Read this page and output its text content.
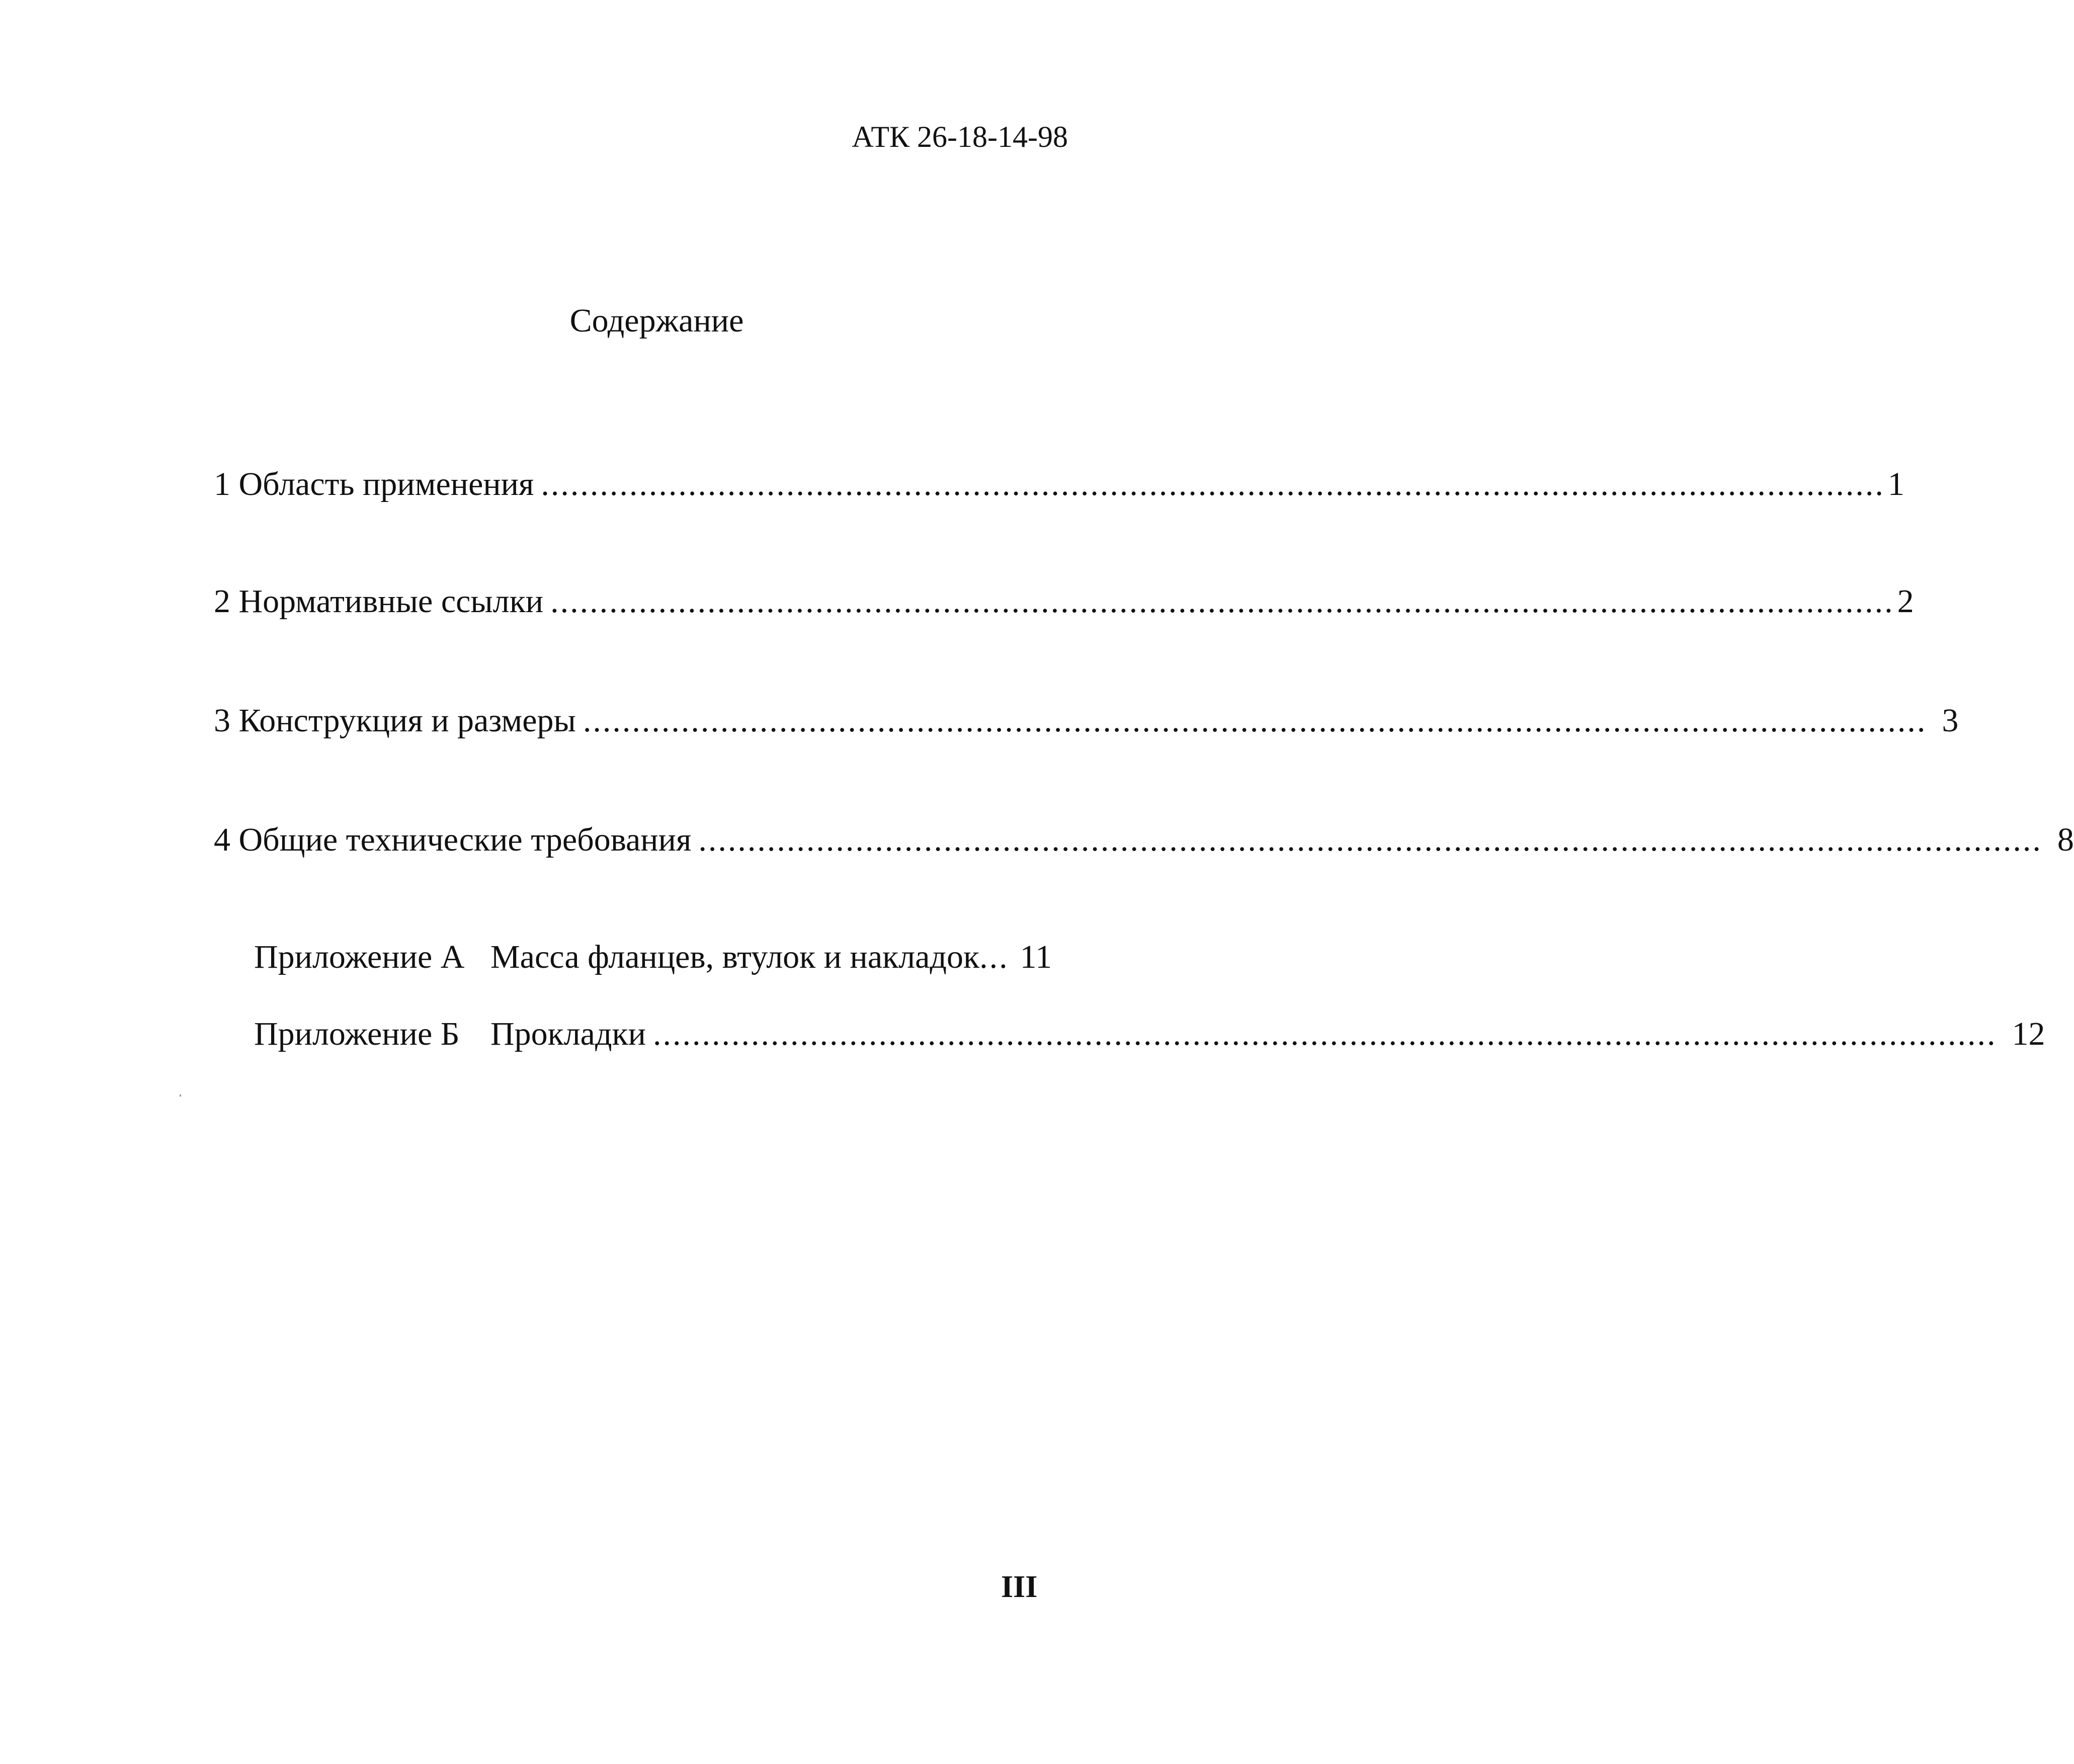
АТК 26-18-14-98
Содержание
1 Область применения ......................................................................................................................................... 1
2 Нормативные ссылки ......................................................................................................................................... 2
3 Конструкция и размеры ......................................................................................................................................... 3
4 Общие технические требования ......................................................................................................................................... 8
Приложение А Масса фланцев, втулок и накладок ... 11
Приложение Б Прокладки ......................................................................................................................................... 12
III
